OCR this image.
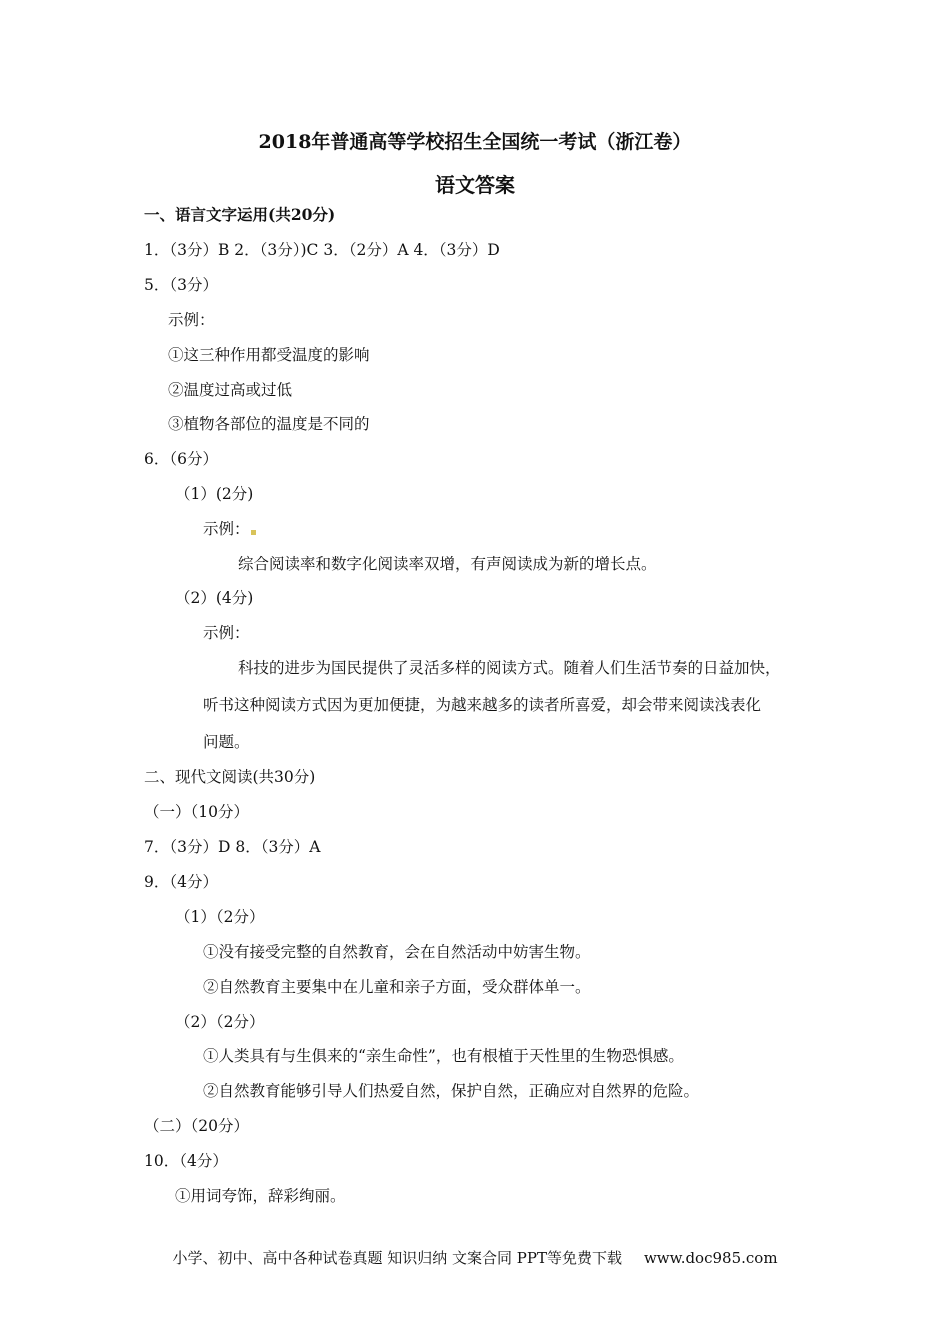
2018年普通高等学校招生全国统一考试（浙江卷）
语文答案
一、语言文字运用(共20分)
1．（3分）B 2．（3分）)C 3．（2分）A 4．（3分）D
5．（3分）
示例：
①这三种作用都受温度的影响
②温度过高或过低
③植物各部位的温度是不同的
6．（6分）
（1）(2分)
示例：
综合阅读率和数字化阅读率双增，有声阅读成为新的增长点。
（2）(4分)
示例：
科技的进步为国民提供了灵活多样的阅读方式。随着人们生活节奏的日益加快，
听书这种阅读方式因为更加便捷，为越来越多的读者所喜爱，却会带来阅读浅表化
问题。
二、现代文阅读(共30分)
（一）（10分）
7．（3分）D 8．（3分）A
9．（4分）
（1）（2分）
①没有接受完整的自然教育，会在自然活动中妨害生物。
②自然教育主要集中在儿童和亲子方面，受众群体单一。
（2）（2分）
①人类具有与生俱来的“亲生命性”，也有根植于天性里的生物恐惧感。
②自然教育能够引导人们热爱自然，保护自然，正确应对自然界的危险。
（二）（20分）
10．（4分）
①用词夸饰，辞彩绚丽。
小学、初中、高中各种试卷真题 知识归纳 文案合同 PPT等免费下载 www.doc985.com
